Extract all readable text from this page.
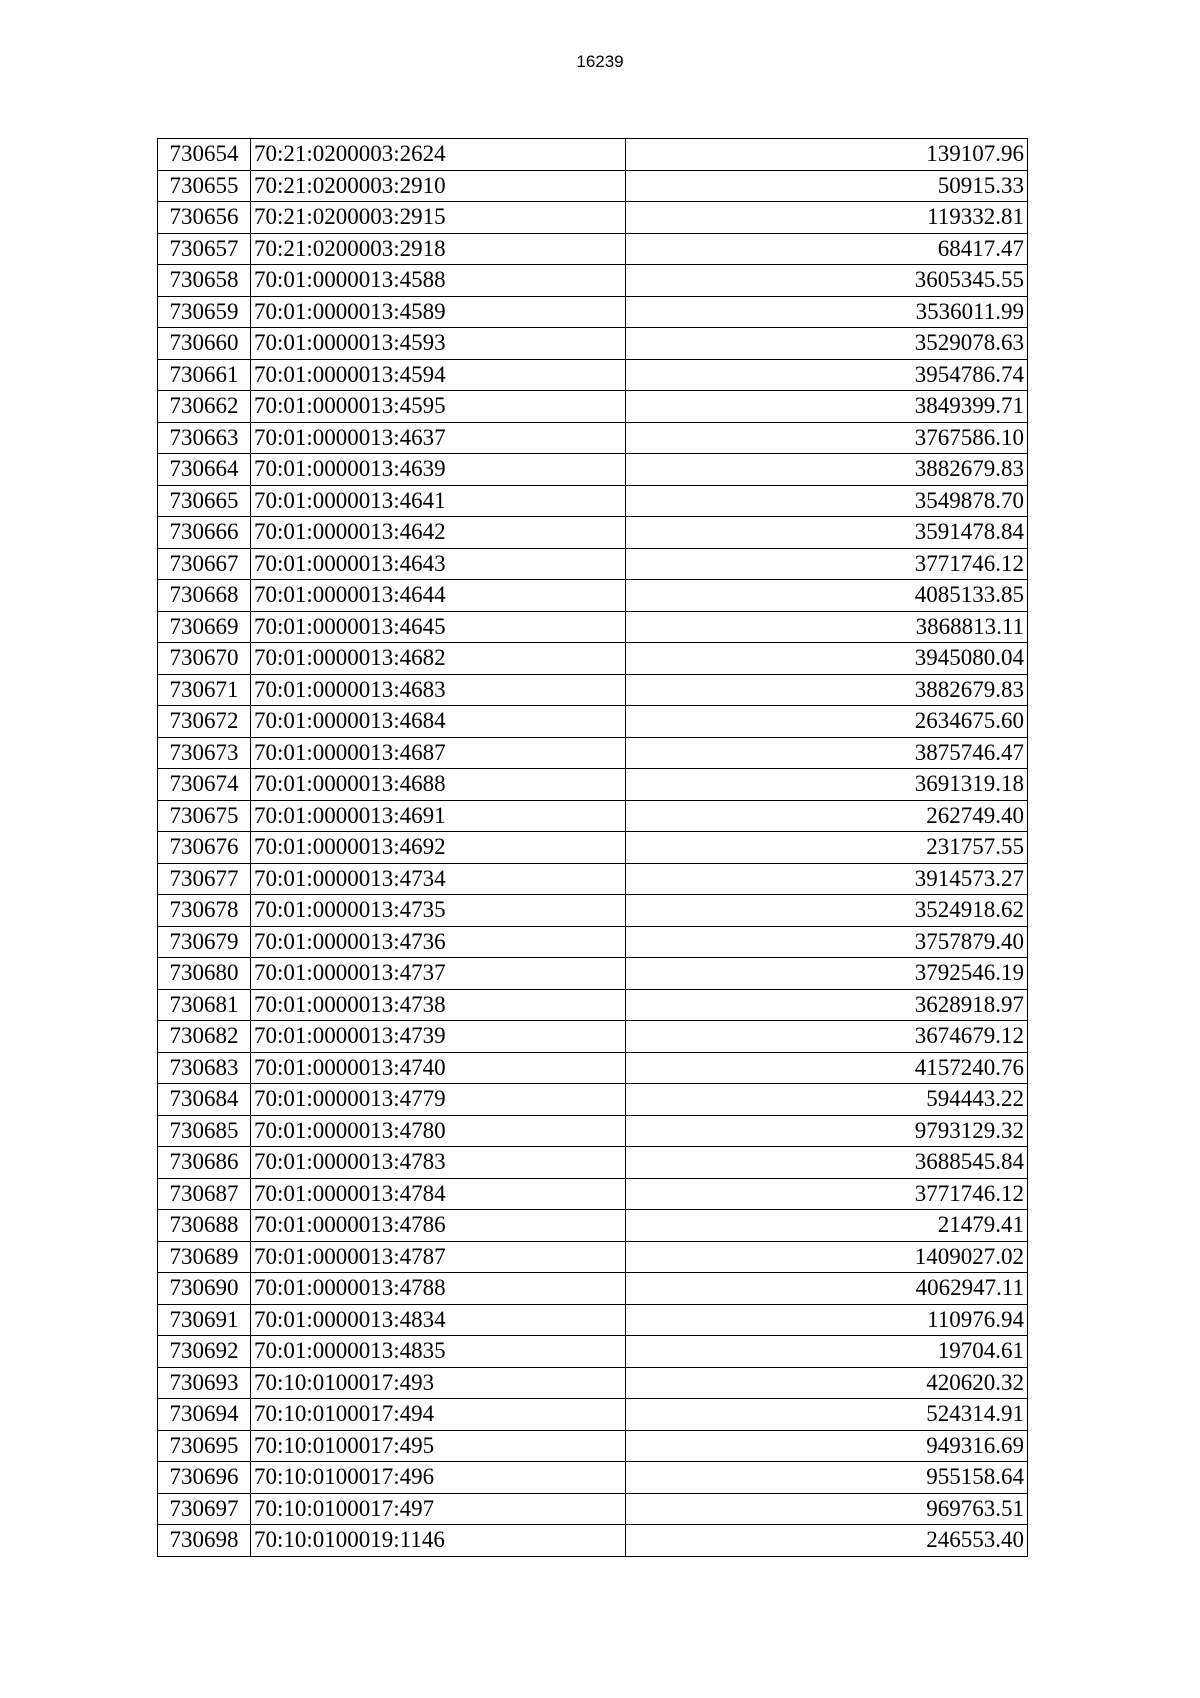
16239
730654	70:21:0200003:2624	139107.96
730655	70:21:0200003:2910	50915.33
730656	70:21:0200003:2915	119332.81
730657	70:21:0200003:2918	68417.47
730658	70:01:0000013:4588	3605345.55
730659	70:01:0000013:4589	3536011.99
730660	70:01:0000013:4593	3529078.63
730661	70:01:0000013:4594	3954786.74
730662	70:01:0000013:4595	3849399.71
730663	70:01:0000013:4637	3767586.10
730664	70:01:0000013:4639	3882679.83
730665	70:01:0000013:4641	3549878.70
730666	70:01:0000013:4642	3591478.84
730667	70:01:0000013:4643	3771746.12
730668	70:01:0000013:4644	4085133.85
730669	70:01:0000013:4645	3868813.11
730670	70:01:0000013:4682	3945080.04
730671	70:01:0000013:4683	3882679.83
730672	70:01:0000013:4684	2634675.60
730673	70:01:0000013:4687	3875746.47
730674	70:01:0000013:4688	3691319.18
730675	70:01:0000013:4691	262749.40
730676	70:01:0000013:4692	231757.55
730677	70:01:0000013:4734	3914573.27
730678	70:01:0000013:4735	3524918.62
730679	70:01:0000013:4736	3757879.40
730680	70:01:0000013:4737	3792546.19
730681	70:01:0000013:4738	3628918.97
730682	70:01:0000013:4739	3674679.12
730683	70:01:0000013:4740	4157240.76
730684	70:01:0000013:4779	594443.22
730685	70:01:0000013:4780	9793129.32
730686	70:01:0000013:4783	3688545.84
730687	70:01:0000013:4784	3771746.12
730688	70:01:0000013:4786	21479.41
730689	70:01:0000013:4787	1409027.02
730690	70:01:0000013:4788	4062947.11
730691	70:01:0000013:4834	110976.94
730692	70:01:0000013:4835	19704.61
730693	70:10:0100017:493	420620.32
730694	70:10:0100017:494	524314.91
730695	70:10:0100017:495	949316.69
730696	70:10:0100017:496	955158.64
730697	70:10:0100017:497	969763.51
730698	70:10:0100019:1146	246553.40
